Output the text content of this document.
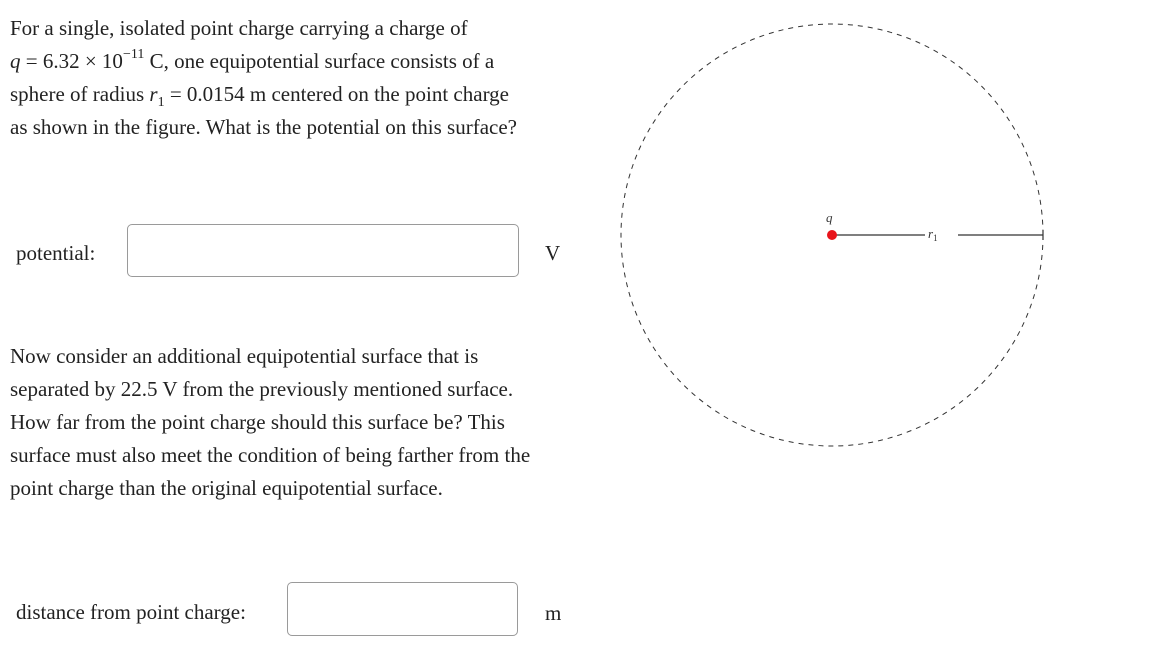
For a single, isolated point charge carrying a charge of

$q = 6.32 \times 10^{-11}$ C, one equipotential surface consists of a

sphere of radius $r_1 = 0.0154$ m centered on the point charge

as shown in the figure. What is the potential on this surface?

potential:	V

Now consider an additional equipotential surface that is

separated by 22.5 V from the previously mentioned surface.

How far from the point charge should this surface be? This

surface must also meet the condition of being farther from the

point charge than the original equipotential surface.

distance from point charge:	m
q
$r_1$
